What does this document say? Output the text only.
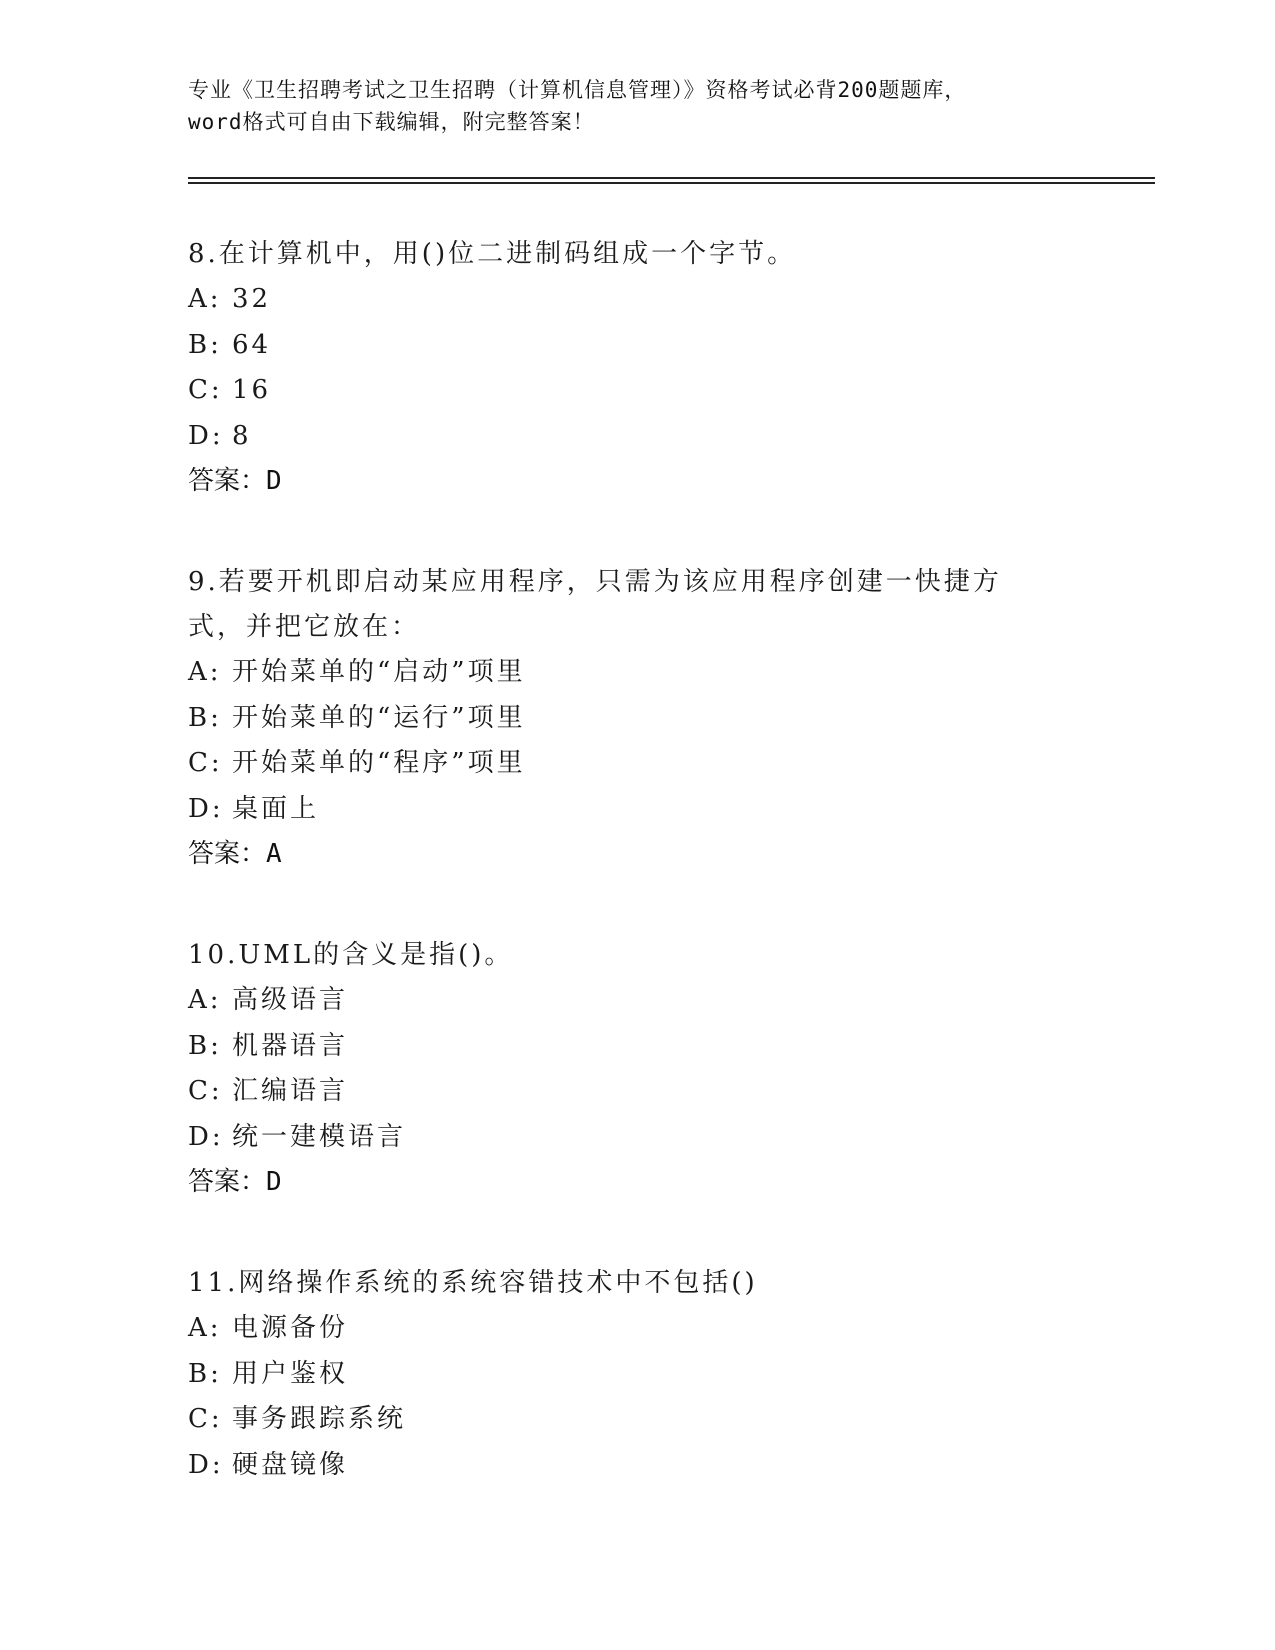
专业《卫生招聘考试之卫生招聘（计算机信息管理）》资格考试必背200题题库，

word格式可自由下载编辑，附完整答案！

8.在计算机中，用()位二进制码组成一个字节。

A: 32
B: 64
C: 16
D: 8
答案：D

9.若要开机即启动某应用程序，只需为该应用程序创建一快捷方式，并把它放在：

A: 开始菜单的“启动”项里
B: 开始菜单的“运行”项里
C: 开始菜单的“程序”项里
D: 桌面上
答案：A

10.UML的含义是指()。

A: 高级语言
B: 机器语言
C: 汇编语言
D: 统一建模语言
答案：D

11.网络操作系统的系统容错技术中不包括()

A: 电源备份
B: 用户鉴权
C: 事务跟踪系统
D: 硬盘镜像
